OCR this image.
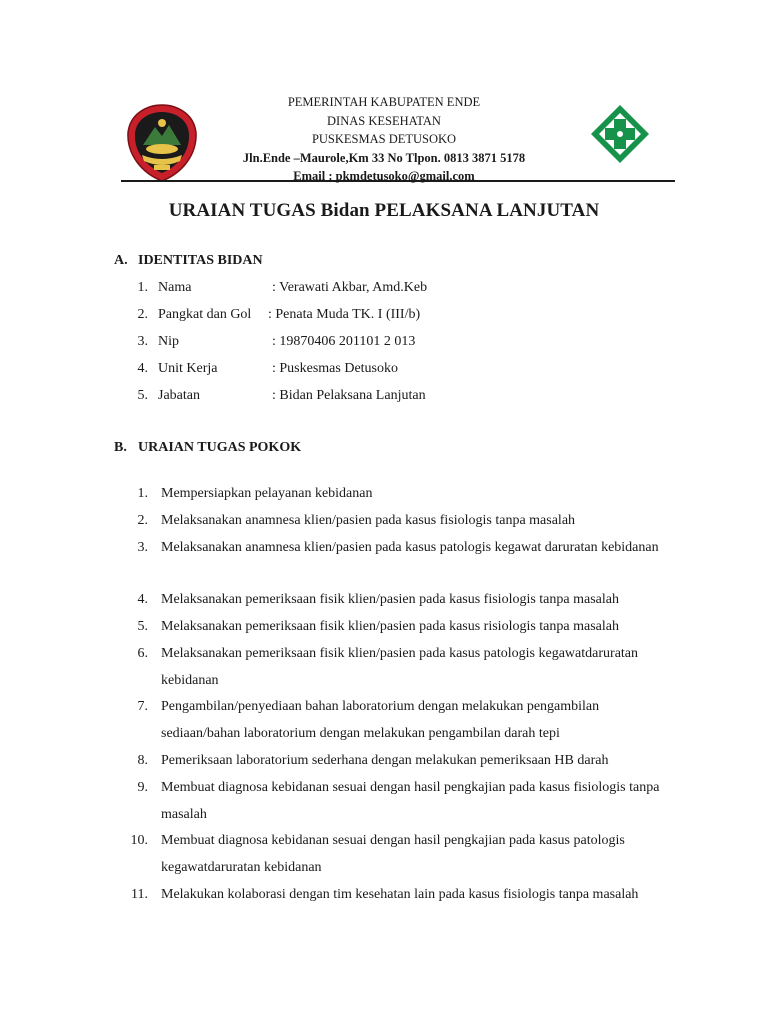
PEMERINTAH KABUPATEN ENDE
DINAS KESEHATAN
PUSKESMAS DETUSOKO
Jln.Ende –Maurole,Km 33 No Tlpon. 0813 3871 5178
Email : pkmdetusoko@gmail.com
URAIAN TUGAS Bidan PELAKSANA LANJUTAN
A. IDENTITAS BIDAN
1. Nama	: Verawati Akbar, Amd.Keb
2. Pangkat dan Gol : Penata Muda TK. I (III/b)
3. Nip	: 19870406 201101 2 013
4. Unit Kerja	: Puskesmas Detusoko
5. Jabatan	: Bidan Pelaksana Lanjutan
B. URAIAN TUGAS POKOK
1. Mempersiapkan pelayanan kebidanan
2. Melaksanakan anamnesa klien/pasien pada kasus fisiologis tanpa masalah
3. Melaksanakan anamnesa klien/pasien pada kasus patologis kegawat daruratan kebidanan
4. Melaksanakan pemeriksaan fisik klien/pasien pada kasus fisiologis tanpa masalah
5. Melaksanakan pemeriksaan fisik klien/pasien pada kasus risiologis tanpa masalah
6. Melaksanakan pemeriksaan fisik klien/pasien pada kasus patologis kegawatdaruratan kebidanan
7. Pengambilan/penyediaan bahan laboratorium dengan melakukan pengambilan sediaan/bahan laboratorium dengan melakukan pengambilan darah tepi
8. Pemeriksaan laboratorium sederhana dengan melakukan pemeriksaan HB darah
9. Membuat diagnosa kebidanan sesuai dengan hasil pengkajian pada kasus fisiologis tanpa masalah
10. Membuat diagnosa kebidanan sesuai dengan hasil pengkajian pada kasus patologis kegawatdaruratan kebidanan
11. Melakukan kolaborasi dengan tim kesehatan lain pada kasus fisiologis tanpa masalah
